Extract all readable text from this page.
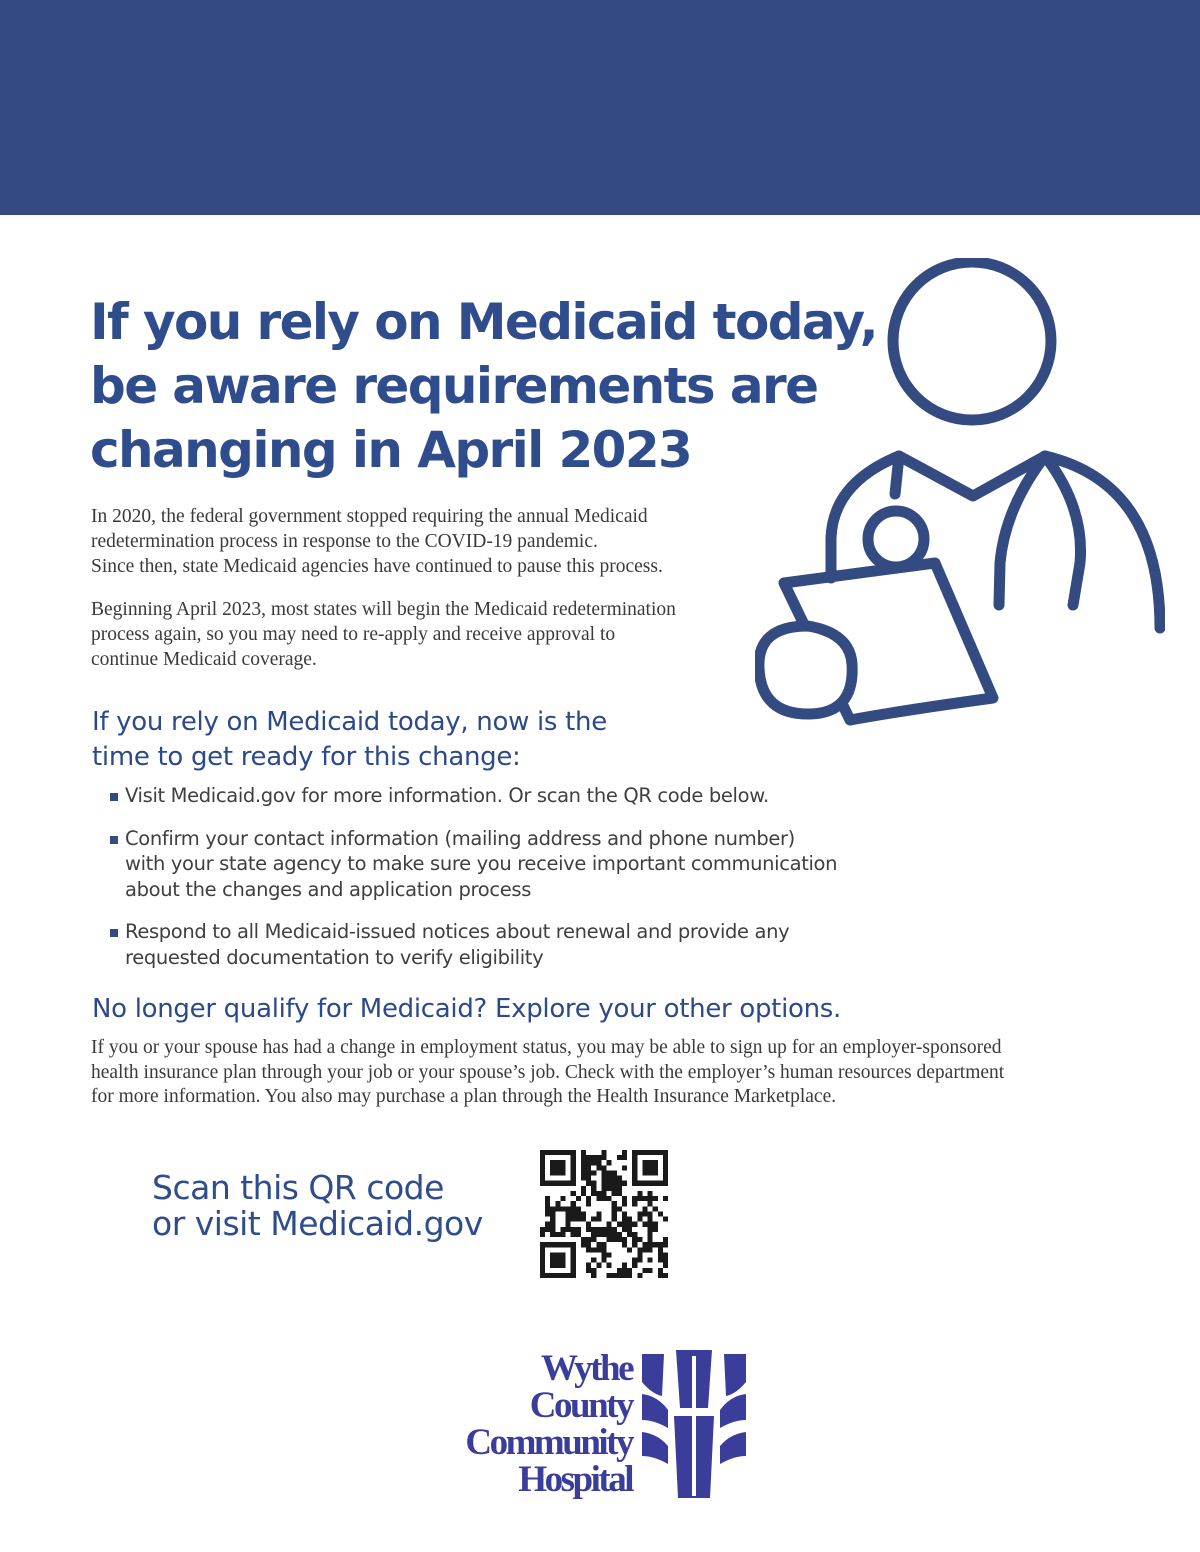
If you rely on Medicaid today,
be aware requirements are
changing in April 2023

In 2020, the federal government stopped requiring the annual Medicaid
redetermination process in response to the COVID-19 pandemic.
Since then, state Medicaid agencies have continued to pause this process.

Beginning April 2023, most states will begin the Medicaid redetermination
process again, so you may need to re-apply and receive approval to
continue Medicaid coverage.

If you rely on Medicaid today, now is the
time to get ready for this change:
Visit Medicaid.gov for more information. Or scan the QR code below.
Confirm your contact information (mailing address and phone number)
with your state agency to make sure you receive important communication
about the changes and application process
Respond to all Medicaid-issued notices about renewal and provide any
requested documentation to verify eligibility
No longer qualify for Medicaid? Explore your other options.

If you or your spouse has had a change in employment status, you may be able to sign up for an employer-sponsored
health insurance plan through your job or your spouse’s job. Check with the employer’s human resources department
for more information. You also may purchase a plan through the Health Insurance Marketplace.

Scan this QR code
or visit Medicaid.gov

Wythe
County
Community
Hospital
